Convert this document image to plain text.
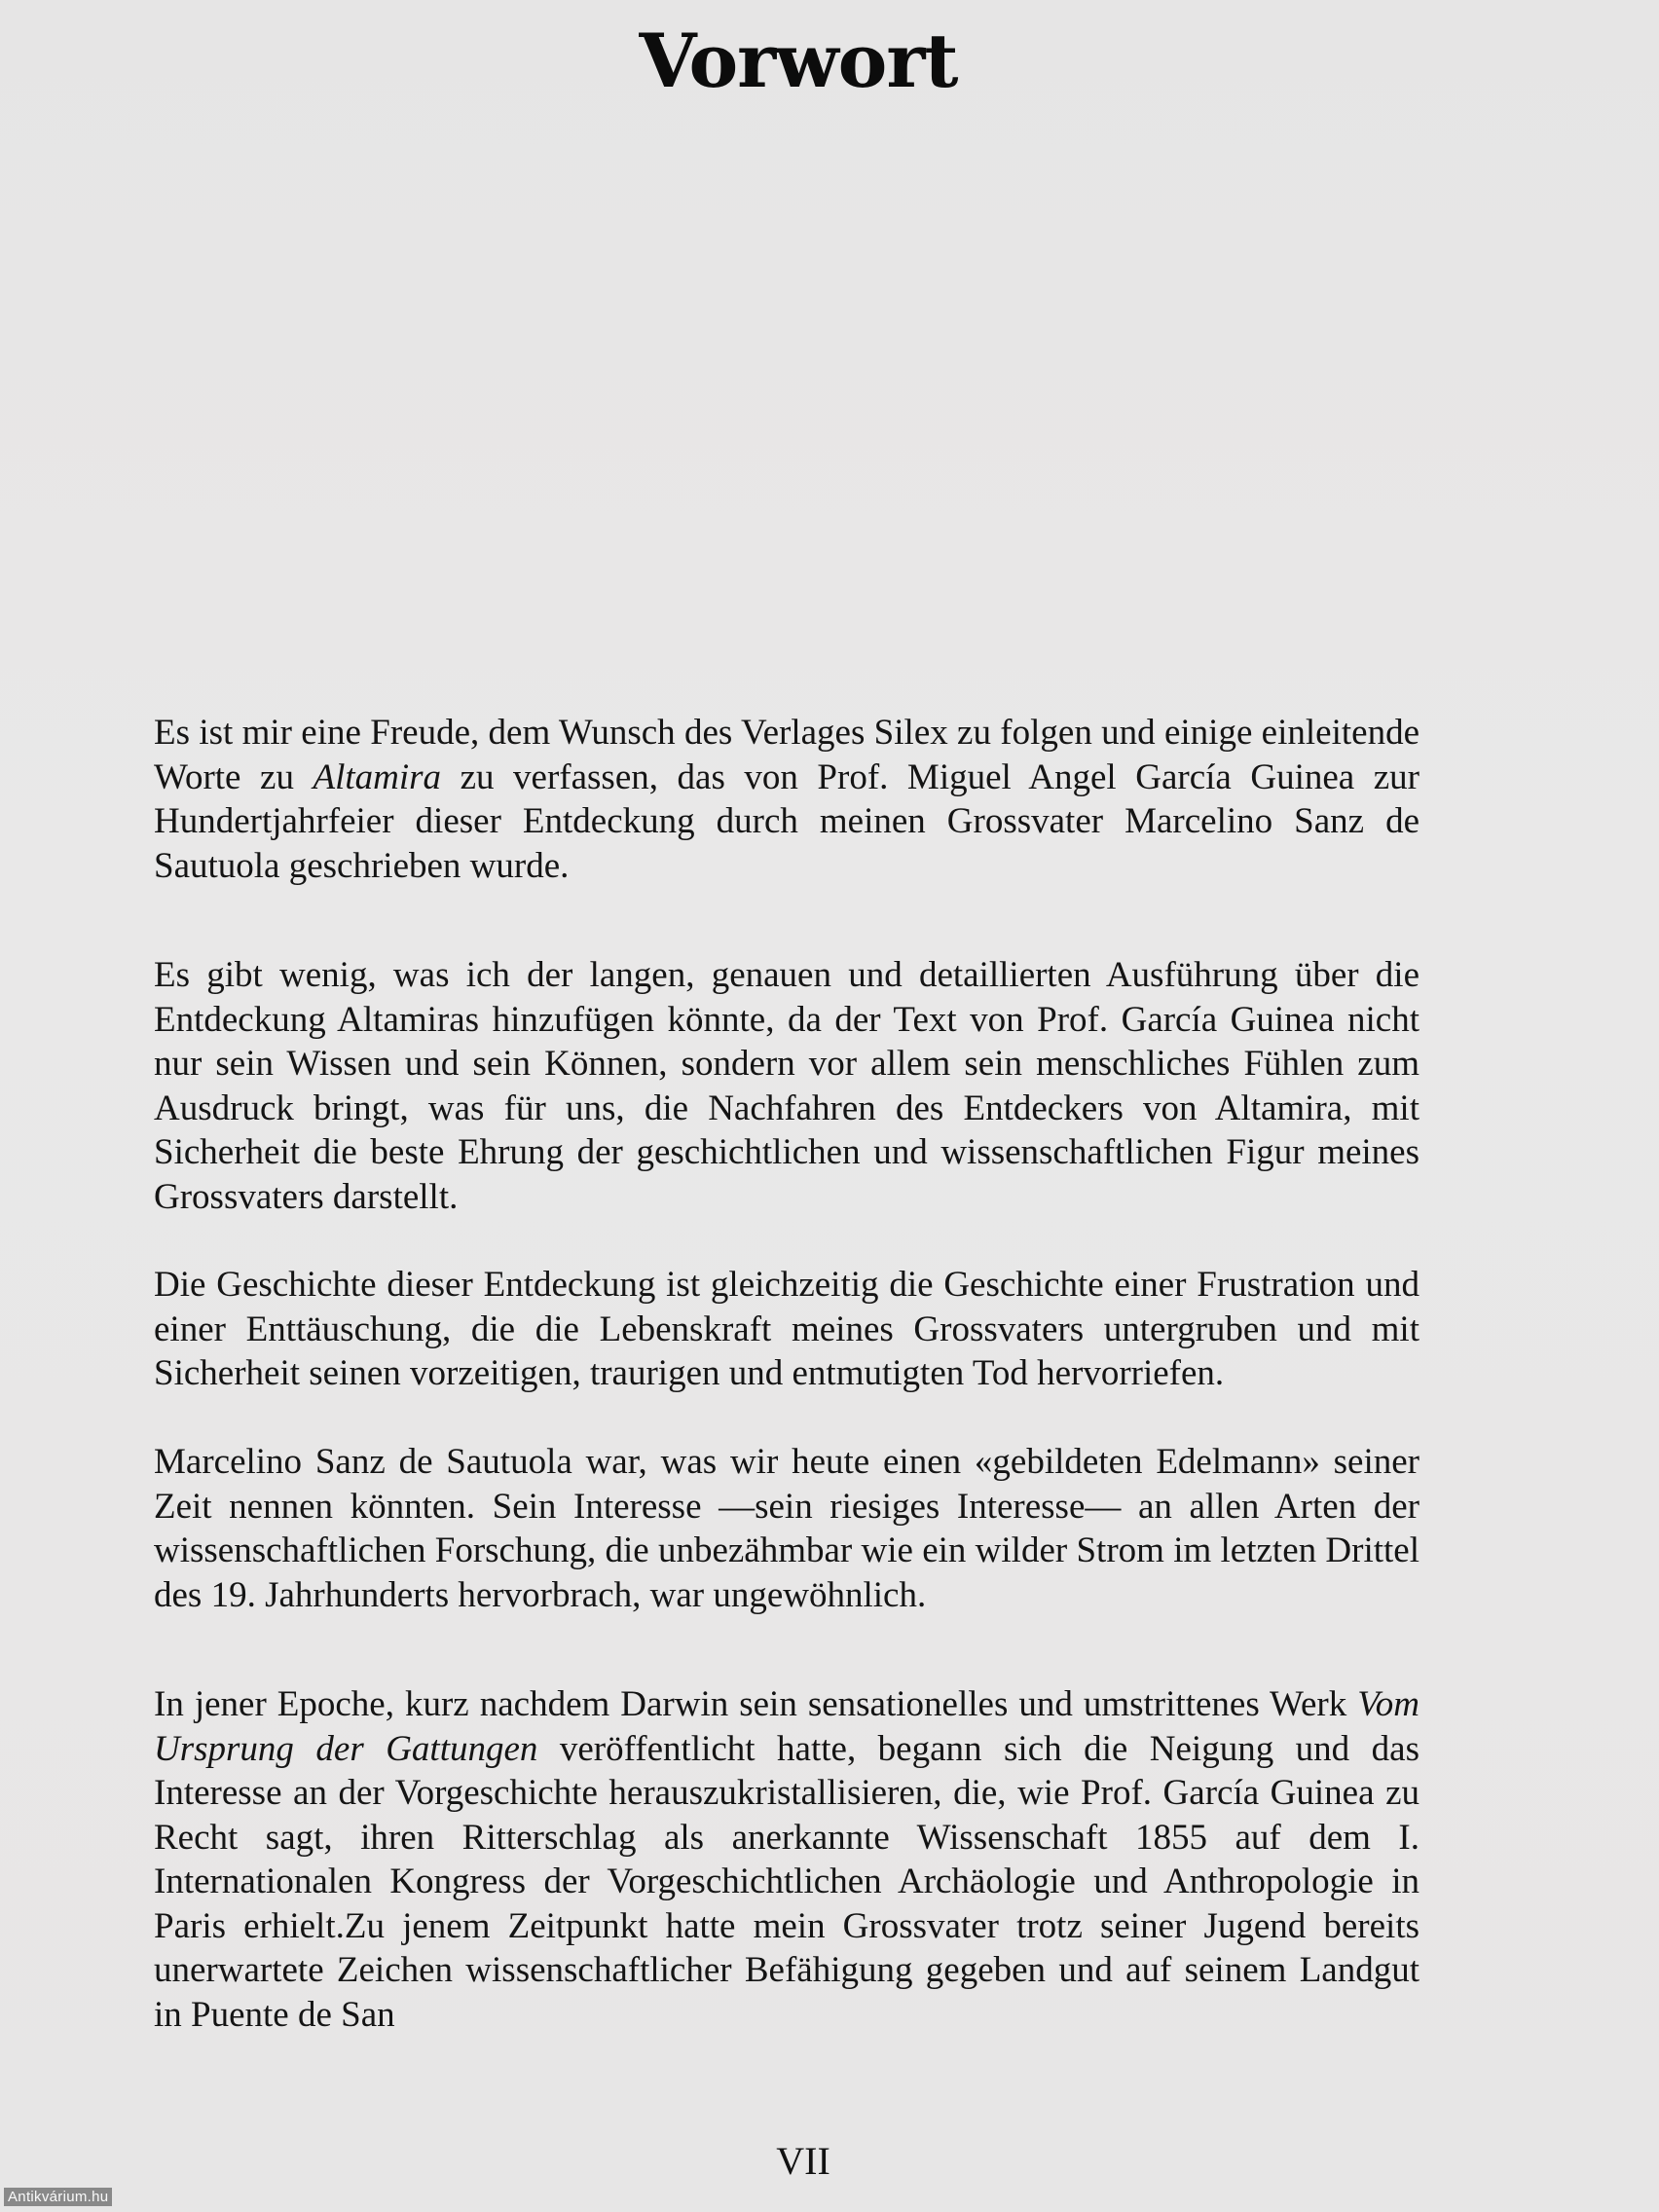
Vorwort

Es ist mir eine Freude, dem Wunsch des Verlages Silex zu folgen und einige einleitende Worte zu Altamira zu verfassen, das von Prof. Miguel Angel García Guinea zur Hundertjahrfeier dieser Entdeckung durch meinen Grossvater Marcelino Sanz de Sautuola geschrieben wurde.

Es gibt wenig, was ich der langen, genauen und detaillierten Ausführung über die Entdeckung Altamiras hinzufügen könnte, da der Text von Prof. García Guinea nicht nur sein Wissen und sein Können, sondern vor allem sein menschliches Fühlen zum Ausdruck bringt, was für uns, die Nachfahren des Entdeckers von Altamira, mit Sicherheit die beste Ehrung der geschichtlichen und wissenschaftlichen Figur meines Grossvaters darstellt.

Die Geschichte dieser Entdeckung ist gleichzeitig die Geschichte einer Frustration und einer Enttäuschung, die die Lebenskraft meines Grossvaters untergruben und mit Sicherheit seinen vorzeitigen, traurigen und entmutigten Tod hervorriefen.

Marcelino Sanz de Sautuola war, was wir heute einen «gebildeten Edelmann» seiner Zeit nennen könnten. Sein Interesse —sein riesiges Interesse— an allen Arten der wissenschaftlichen Forschung, die unbezähmbar wie ein wilder Strom im letzten Drittel des 19. Jahrhunderts hervorbrach, war ungewöhnlich.

In jener Epoche, kurz nachdem Darwin sein sensationelles und umstrittenes Werk Vom Ursprung der Gattungen veröffentlicht hatte, begann sich die Neigung und das Interesse an der Vorgeschichte herauszukristallisieren, die, wie Prof. García Guinea zu Recht sagt, ihren Ritterschlag als anerkannte Wissenschaft 1855 auf dem I. Internationalen Kongress der Vorgeschichtlichen Archäologie und Anthropologie in Paris erhielt.Zu jenem Zeitpunkt hatte mein Grossvater trotz seiner Jugend bereits unerwartete Zeichen wissenschaftlicher Befähigung gegeben und auf seinem Landgut in Puente de San

VII
Antikvárium.hu
